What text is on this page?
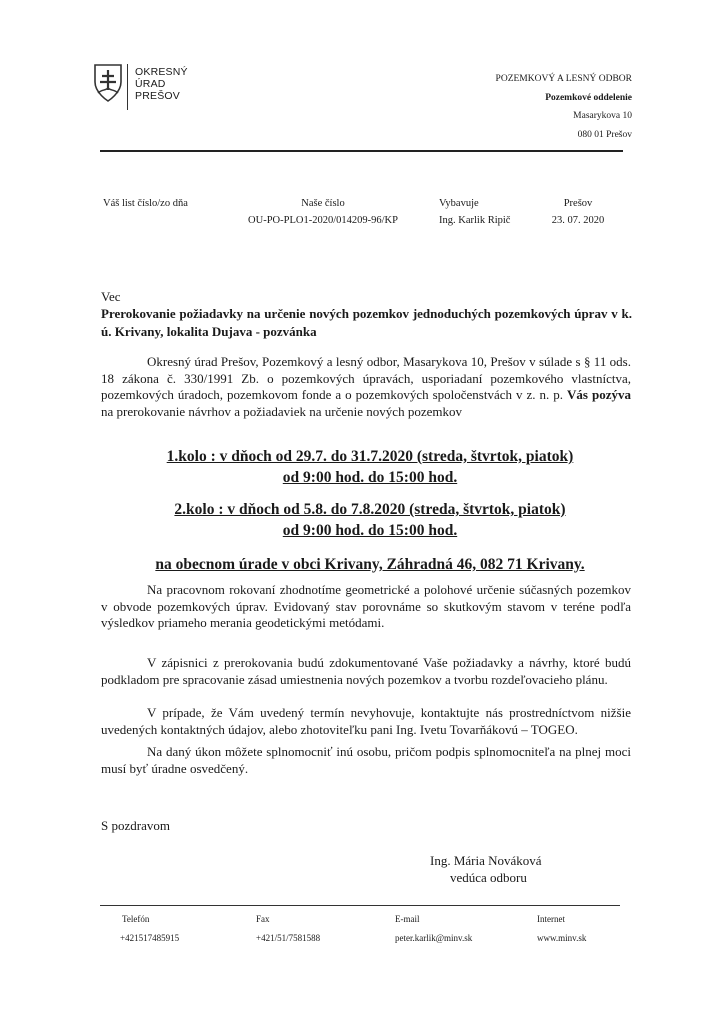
OKRESNÝ
ÚRAD
PREŠOV
POZEMKOVÝ A LESNÝ ODBOR
Pozemkové oddelenie
Masarykova 10
080 01 Prešov
Váš list číslo/zo dňa	Naše číslo
OU-PO-PLO1-2020/014209-96/KP
Vybavuje
Ing. Karlik Ripič
Prešov
23. 07. 2020
Vec
Prerokovanie požiadavky na určenie nových pozemkov jednoduchých pozemkových úprav v k. ú. Krivany, lokalita Dujava - pozvánka
Okresný úrad Prešov, Pozemkový a lesný odbor, Masarykova 10, Prešov v súlade s § 11 ods. 18 zákona č. 330/1991 Zb. o pozemkových úpravách, usporiadaní pozemkového vlastníctva, pozemkových úradoch, pozemkovom fonde a o pozemkových spoločenstvách v z. n. p. Vás pozýva na prerokovanie návrhov a požiadaviek na určenie nových pozemkov
1.kolo : v dňoch od 29.7. do 31.7.2020 (streda, štvrtok, piatok)
od 9:00 hod. do 15:00 hod.
2.kolo : v dňoch od 5.8. do 7.8.2020 (streda, štvrtok, piatok)
od 9:00 hod. do 15:00 hod.
na obecnom úrade v obci Krivany, Záhradná 46, 082 71 Krivany.
Na pracovnom rokovaní zhodnotíme geometrické a polohové určenie súčasných pozemkov v obvode pozemkových úprav. Evidovaný stav porovnáme so skutkovým stavom v teréne podľa výsledkov priameho merania geodetickými metódami.
V zápisnici z prerokovania budú zdokumentované Vaše požiadavky a návrhy, ktoré budú podkladom pre spracovanie zásad umiestnenia nových pozemkov a tvorbu rozdeľovacieho plánu.
V prípade, že Vám uvedený termín nevyhovuje, kontaktujte nás prostredníctvom nižšie uvedených kontaktných údajov, alebo zhotoviteľku pani Ing. Ivetu Tovarňákovú – TOGEO.
Na daný úkon môžete splnomocniť inú osobu, pričom podpis splnomocniteľa na plnej moci musí byť úradne osvedčený.
S pozdravom
Ing. Mária Nováková
vedúca odboru
Telefón
+421517485915
Fax
+421/51/7581588
E-mail
peter.karlik@minv.sk
Internet
www.minv.sk
